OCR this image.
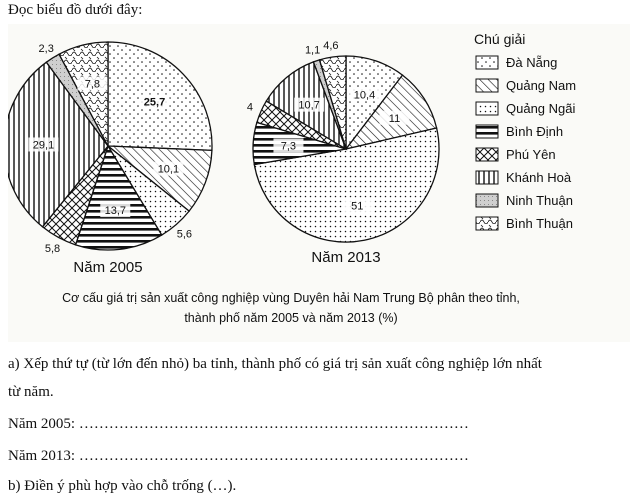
Đọc biểu đồ dưới đây:
25,7
10,1
5,6
13,7
5,8
29,1
2,3
7,8
Năm 2005
10,4
11
51
7,3
4	10,7
1,1 4,6
Năm 2013
Chú giải
Đà Nẵng
Quảng Nam
Quảng Ngãi
Bình Định
Phú Yên
Khánh Hoà
Ninh Thuận
Bình Thuận
Cơ cấu giá trị sản xuất công nghiệp vùng Duyên hải Nam Trung Bộ phân theo tỉnh,
thành phố năm 2005 và năm 2013 (%)
a) Xếp thứ tự (từ lớn đến nhỏ) ba tỉnh, thành phố có giá trị sản xuất công nghiệp lớn nhất
từ năm.
Năm 2005: ……………………………………………………………………
Năm 2013: ……………………………………………………………………
b) Điền ý phù hợp vào chỗ trống (…).
